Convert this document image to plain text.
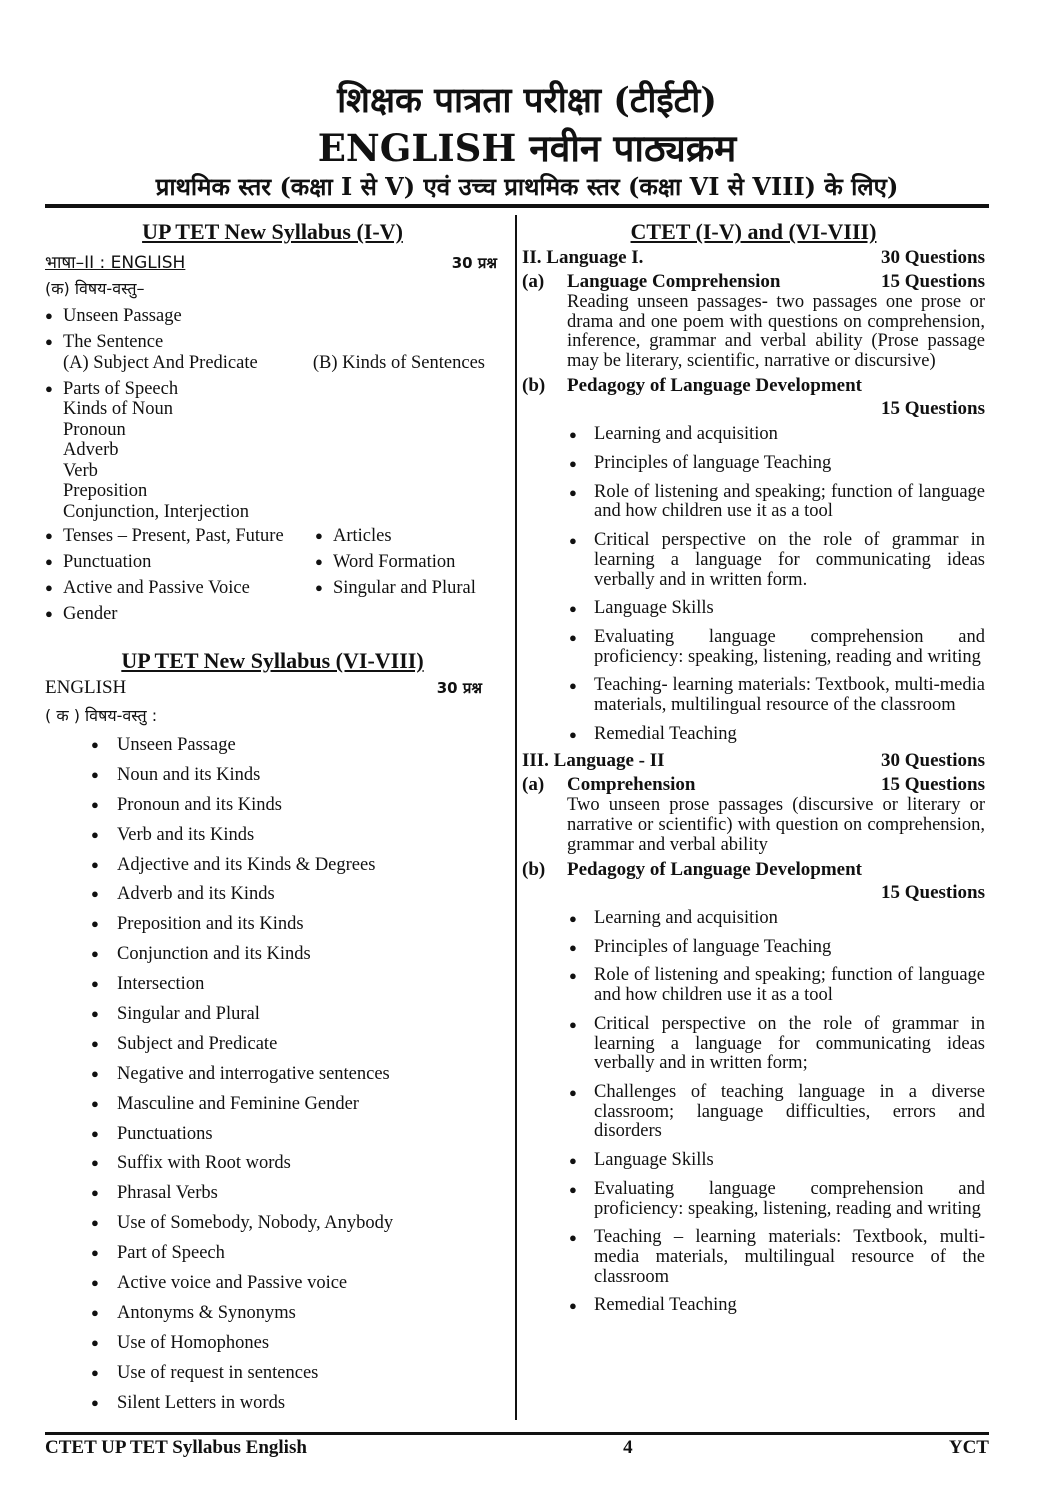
शिक्षक पात्रता परीक्षा (टीईटी)
ENGLISH नवीन पाठ्यक्रम
प्राथमिक स्तर (कक्षा I से V) एवं उच्च प्राथमिक स्तर (कक्षा VI से VIII) के लिए)
UP TET New Syllabus (I-V)
भाषा–II : ENGLISH	30 प्रश्न
(क) विषय-वस्तु–
● Unseen Passage
● The Sentence
(A) Subject And Predicate	(B) Kinds of Sentences
● Parts of Speech
Kinds of Noun
Pronoun
Adverb
Verb
Preposition
Conjunction, Interjection
● Tenses – Present, Past, Future
● Punctuation
● Active and Passive Voice
● Gender
● Articles
● Word Formation
● Singular and Plural
UP TET New Syllabus (VI-VIII)
ENGLISH	30 प्रश्न
( क ) विषय-वस्तु :
● Unseen Passage
● Noun and its Kinds
● Pronoun and its Kinds
● Verb and its Kinds
● Adjective and its Kinds & Degrees
● Adverb and its Kinds
● Preposition and its Kinds
● Conjunction and its Kinds
● Intersection
● Singular and Plural
● Subject and Predicate
● Negative and interrogative sentences
● Masculine and Feminine Gender
● Punctuations
● Suffix with Root words
● Phrasal Verbs
● Use of Somebody, Nobody, Anybody
● Part of Speech
● Active voice and Passive voice
● Antonyms & Synonyms
● Use of Homophones
● Use of request in sentences
● Silent Letters in words
CTET (I-V) and (VI-VIII)
II. Language I.	30 Questions
(a)	Language Comprehension	15 Questions
Reading unseen passages- two passages one prose or drama and one poem with questions on comprehension, inference, grammar and verbal ability (Prose passage may be literary, scientific, narrative or discursive)
(b)	Pedagogy of Language Development
15 Questions
● Learning and acquisition
● Principles of language Teaching
● Role of listening and speaking; function of language and how children use it as a tool
● Critical perspective on the role of grammar in learning a language for communicating ideas verbally and in written form.
● Language Skills
● Evaluating language comprehension and proficiency: speaking, listening, reading and writing
● Teaching- learning materials: Textbook, multi-media materials, multilingual resource of the classroom
● Remedial Teaching
III. Language - II	30 Questions
(a)	Comprehension	15 Questions
Two unseen prose passages (discursive or literary or narrative or scientific) with question on comprehension, grammar and verbal ability
(b)	Pedagogy of Language Development
15 Questions
● Learning and acquisition
● Principles of language Teaching
● Role of listening and speaking; function of language and how children use it as a tool
● Critical perspective on the role of grammar in learning a language for communicating ideas verbally and in written form;
● Challenges of teaching language in a diverse classroom; language difficulties, errors and disorders
● Language Skills
● Evaluating language comprehension and proficiency: speaking, listening, reading and writing
● Teaching – learning materials: Textbook, multi-media materials, multilingual resource of the classroom
● Remedial Teaching
CTET UP TET Syllabus English	4	YCT
